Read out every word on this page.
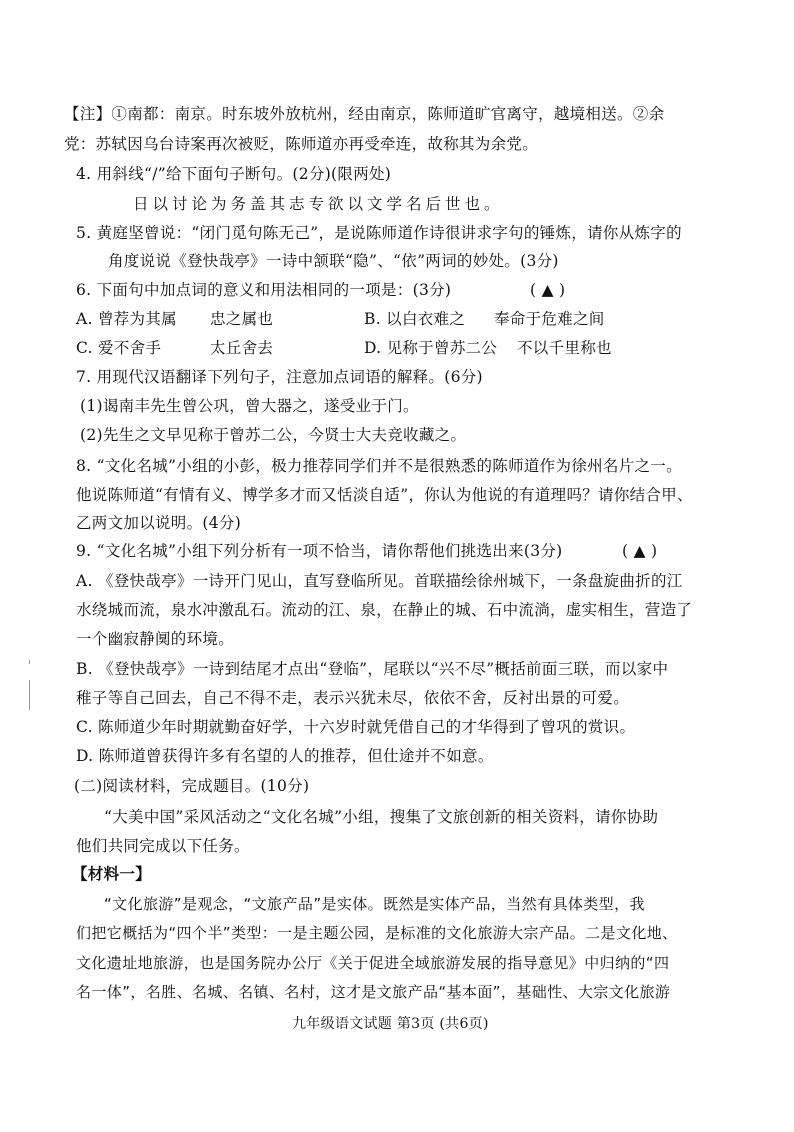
【注】①南都：南京。时东坡外放杭州，经由南京，陈师道旷官离守，越境相送。②余
党：苏轼因乌台诗案再次被贬，陈师道亦再受牵连，故称其为余党。
4. 用斜线“/”给下面句子断句。(2分)(限两处)
日以讨论为务盖其志专欲以文学名后世也。
5. 黄庭坚曾说：“闭门觅句陈无己”，是说陈师道作诗很讲求字句的锤炼，请你从炼字的
角度说说《登快哉亭》一诗中颔联“隐”、“依”两词的妙处。(3分)
6. 下面句中加点词的意义和用法相同的一项是：(3分)	( ▲ )
A. 曾荐为其属 忠之属也	B. 以白衣难之 奉命于危难之间
C. 爱不舍手	太丘舍去	D. 见称于曾苏二公 不以千里称也
7. 用现代汉语翻译下列句子，注意加点词语的解释。(6分)
(1)谒南丰先生曾公巩，曾大器之，遂受业于门。
(2)先生之文早见称于曾苏二公，今贤士大夫竞收藏之。
8. “文化名城”小组的小彭，极力推荐同学们并不是很熟悉的陈师道作为徐州名片之一。
他说陈师道“有情有义、博学多才而又恬淡自适”，你认为他说的有道理吗？请你结合甲、
乙两文加以说明。(4分)
9. “文化名城”小组下列分析有一项不恰当，请你帮他们挑选出来(3分)	( ▲ )
A. 《登快哉亭》一诗开门见山，直写登临所见。首联描绘徐州城下，一条盘旋曲折的江
水绕城而流，泉水冲激乱石。流动的江、泉，在静止的城、石中流淌，虚实相生，营造了
一个幽寂静阒的环境。
B. 《登快哉亭》一诗到结尾才点出“登临”，尾联以“兴不尽”概括前面三联，而以家中
稚子等自己回去，自己不得不走，表示兴犹未尽，依依不舍，反衬出景的可爱。
C. 陈师道少年时期就勤奋好学，十六岁时就凭借自己的才华得到了曾巩的赏识。
D. 陈师道曾获得许多有名望的人的推荐，但仕途并不如意。
(二)阅读材料，完成题目。(10分)
“大美中国”采风活动之“文化名城”小组，搜集了文旅创新的相关资料，请你协助
他们共同完成以下任务。
【材料一】
“文化旅游”是观念，“文旅产品”是实体。既然是实体产品，当然有具体类型，我
们把它概括为“四个半”类型：一是主题公园，是标准的文化旅游大宗产品。二是文化地、
文化遗址地旅游，也是国务院办公厅《关于促进全域旅游发展的指导意见》中归纳的“四
名一体”，名胜、名城、名镇、名村，这才是文旅产品“基本面”，基础性、大宗文化旅游
九年级语文试题 第3页 (共6页)
